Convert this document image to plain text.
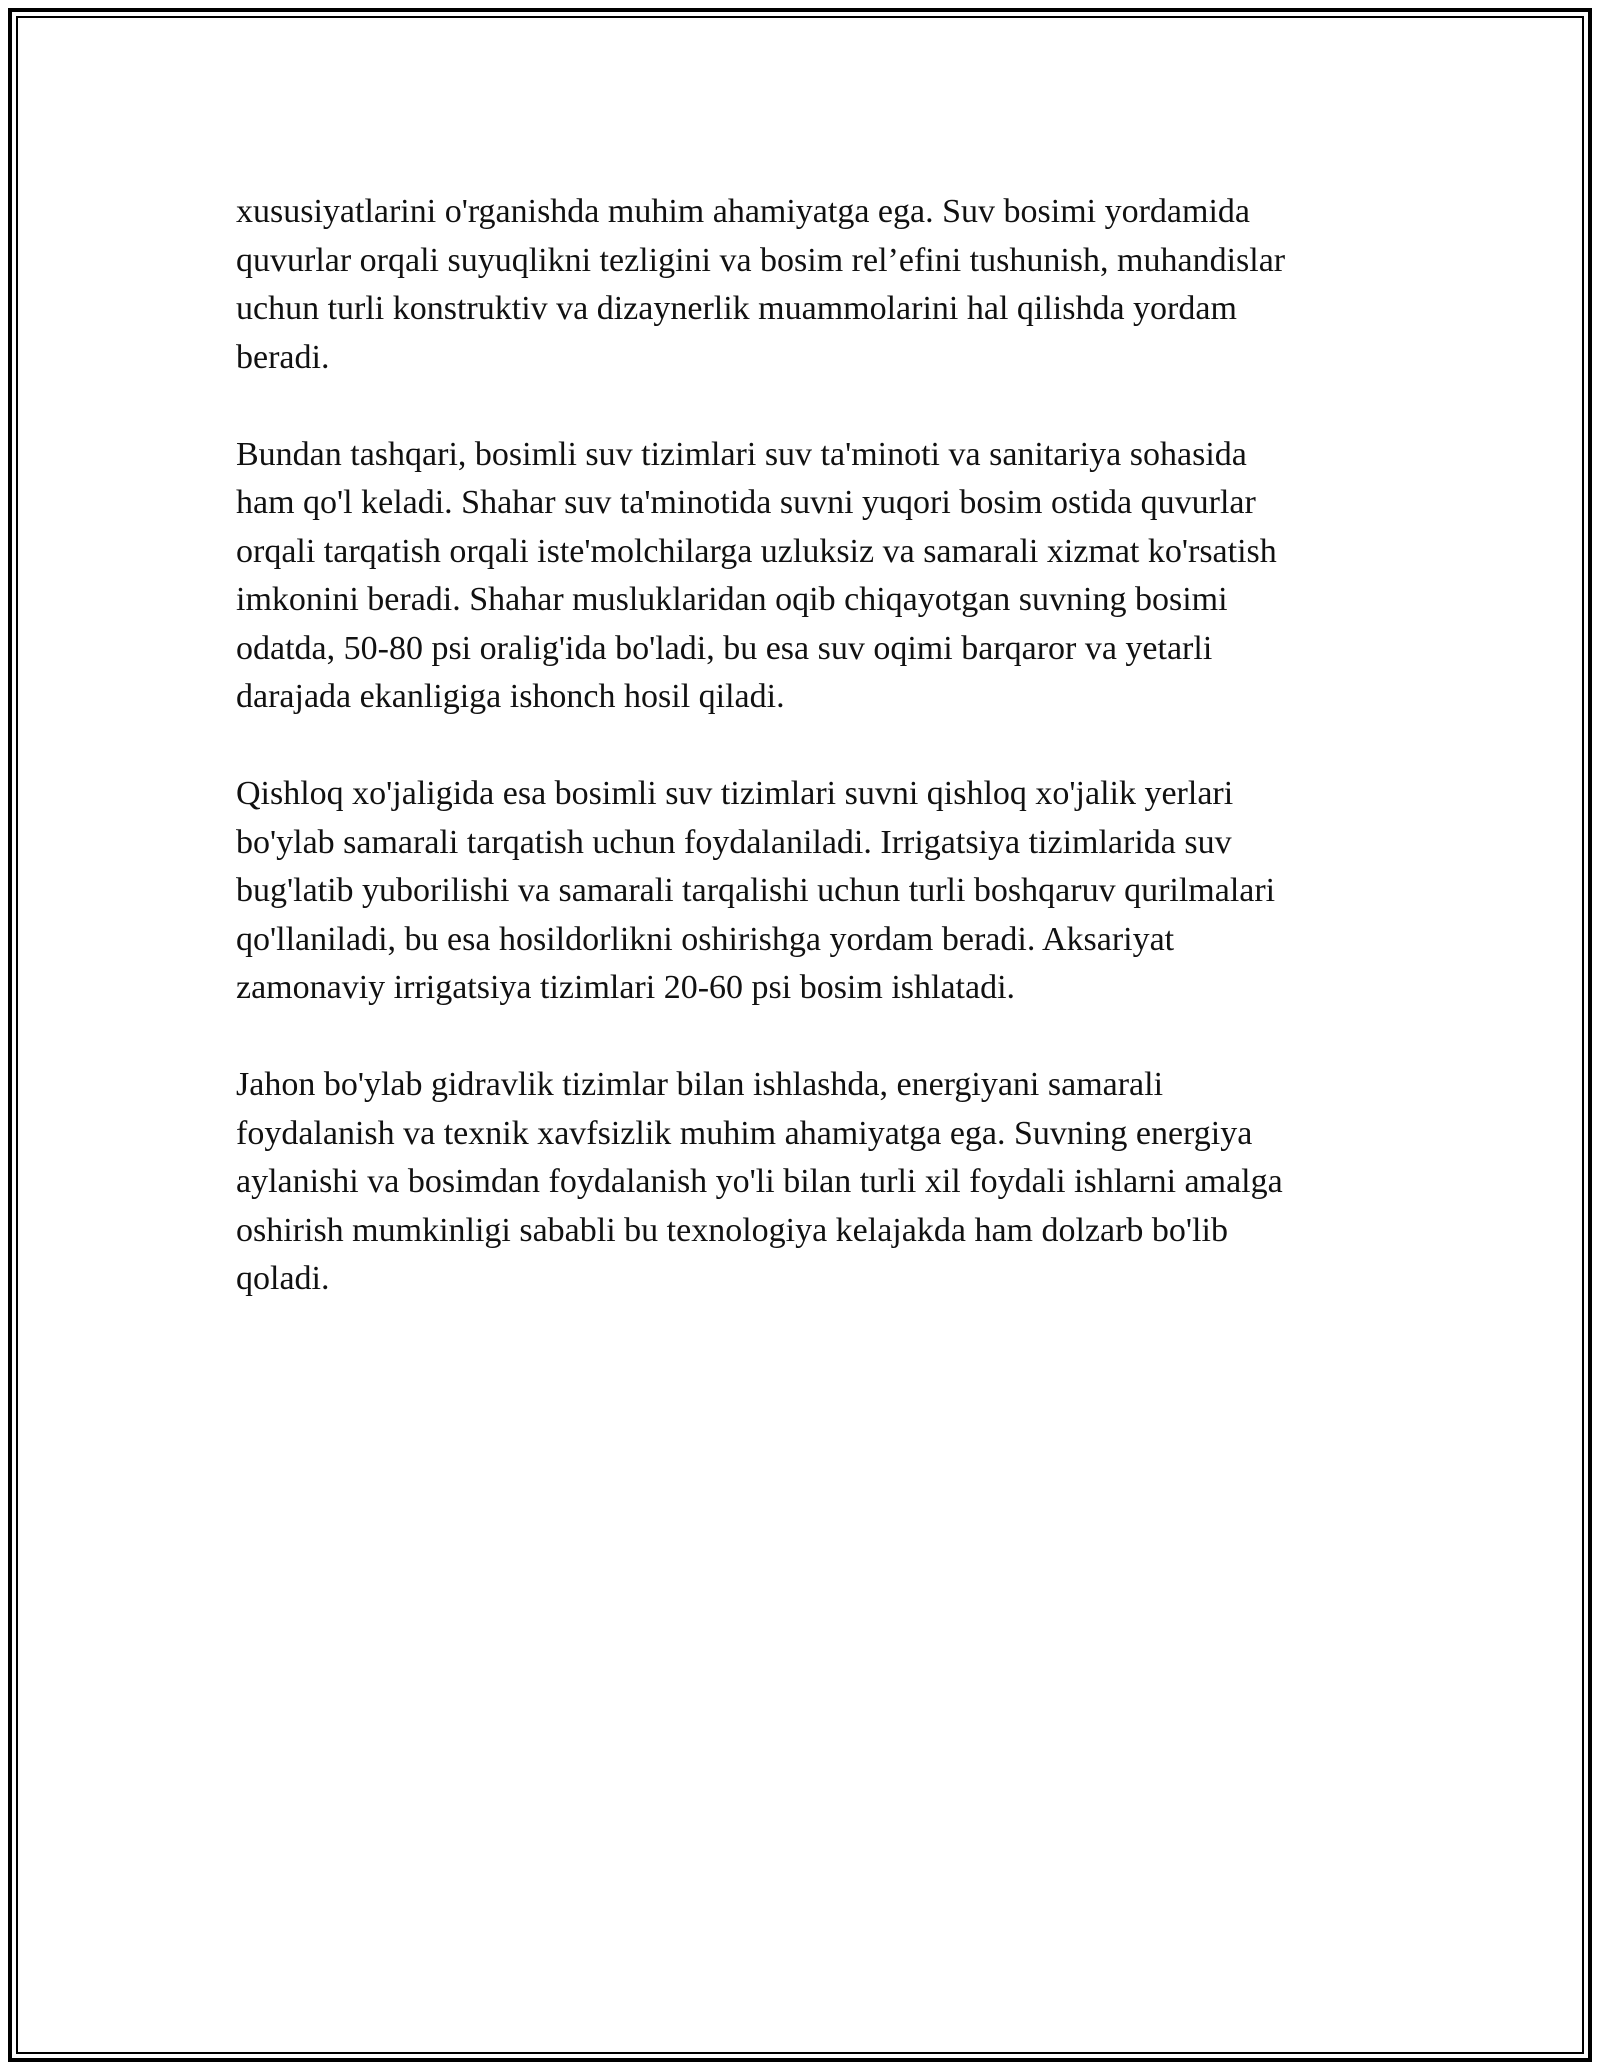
xususiyatlarini o'rganishda muhim ahamiyatga ega. Suv bosimi yordamida
quvurlar orqali suyuqlikni tezligini va bosim rel’efini tushunish, muhandislar
uchun turli konstruktiv va dizaynerlik muammolarini hal qilishda yordam
beradi.

Bundan tashqari, bosimli suv tizimlari suv ta'minoti va sanitariya sohasida
ham qo'l keladi. Shahar suv ta'minotida suvni yuqori bosim ostida quvurlar
orqali tarqatish orqali iste'molchilarga uzluksiz va samarali xizmat ko'rsatish
imkonini beradi. Shahar musluklaridan oqib chiqayotgan suvning bosimi
odatda, 50-80 psi oralig'ida bo'ladi, bu esa suv oqimi barqaror va yetarli
darajada ekanligiga ishonch hosil qiladi.

Qishloq xo'jaligida esa bosimli suv tizimlari suvni qishloq xo'jalik yerlari
bo'ylab samarali tarqatish uchun foydalaniladi. Irrigatsiya tizimlarida suv
bug'latib yuborilishi va samarali tarqalishi uchun turli boshqaruv qurilmalari
qo'llaniladi, bu esa hosildorlikni oshirishga yordam beradi. Aksariyat
zamonaviy irrigatsiya tizimlari 20-60 psi bosim ishlatadi.

Jahon bo'ylab gidravlik tizimlar bilan ishlashda, energiyani samarali
foydalanish va texnik xavfsizlik muhim ahamiyatga ega. Suvning energiya
aylanishi va bosimdan foydalanish yo'li bilan turli xil foydali ishlarni amalga
oshirish mumkinligi sababli bu texnologiya kelajakda ham dolzarb bo'lib
qoladi.
